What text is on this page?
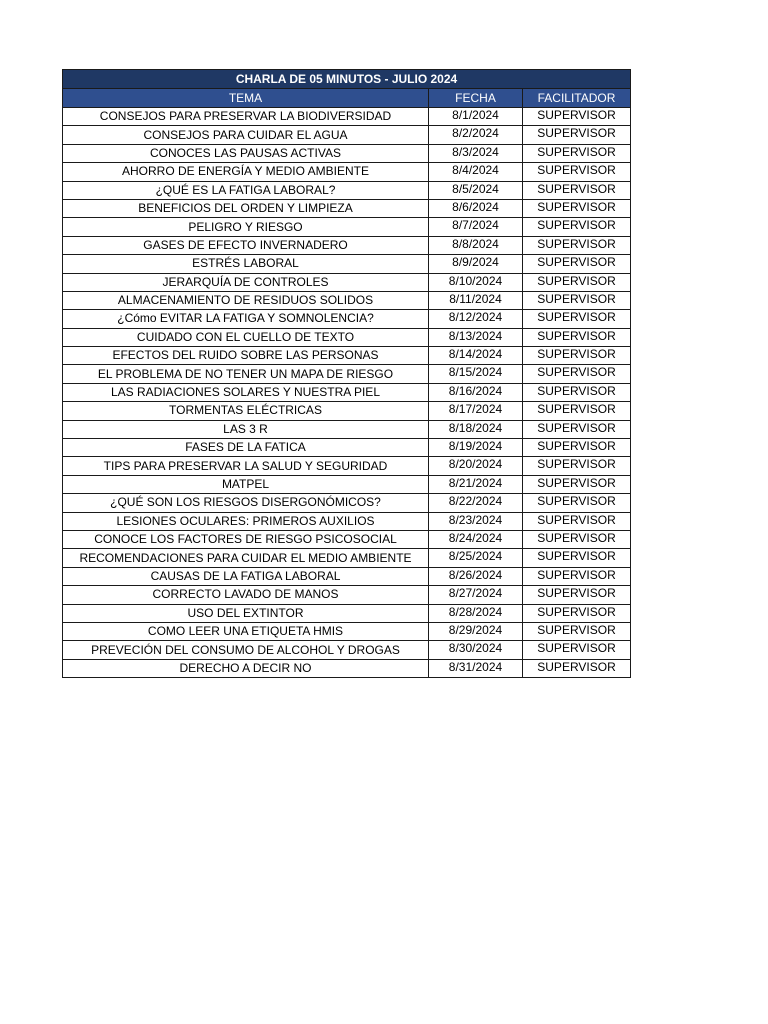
CHARLA DE 05 MINUTOS - JULIO 2024		
TEMA	FECHA	FACILITADOR
CONSEJOS PARA PRESERVAR LA BIODIVERSIDAD	8/1/2024	SUPERVISOR
CONSEJOS PARA CUIDAR EL AGUA	8/2/2024	SUPERVISOR
CONOCES LAS PAUSAS ACTIVAS	8/3/2024	SUPERVISOR
AHORRO DE ENERGÍA Y MEDIO AMBIENTE	8/4/2024	SUPERVISOR
¿QUÉ ES LA FATIGA LABORAL?	8/5/2024	SUPERVISOR
BENEFICIOS DEL ORDEN Y LIMPIEZA	8/6/2024	SUPERVISOR
PELIGRO Y RIESGO	8/7/2024	SUPERVISOR
GASES DE EFECTO INVERNADERO	8/8/2024	SUPERVISOR
ESTRÉS LABORAL	8/9/2024	SUPERVISOR
JERARQUÍA DE CONTROLES	8/10/2024	SUPERVISOR
ALMACENAMIENTO DE RESIDUOS SOLIDOS	8/11/2024	SUPERVISOR
¿Cómo EVITAR LA FATIGA Y SOMNOLENCIA?	8/12/2024	SUPERVISOR
CUIDADO CON EL CUELLO DE TEXTO	8/13/2024	SUPERVISOR
EFECTOS DEL RUIDO SOBRE LAS PERSONAS	8/14/2024	SUPERVISOR
EL PROBLEMA DE NO TENER UN MAPA DE RIESGO	8/15/2024	SUPERVISOR
LAS RADIACIONES SOLARES Y NUESTRA PIEL	8/16/2024	SUPERVISOR
TORMENTAS ELÉCTRICAS	8/17/2024	SUPERVISOR
LAS 3 R	8/18/2024	SUPERVISOR
FASES DE LA FATICA	8/19/2024	SUPERVISOR
TIPS PARA PRESERVAR LA SALUD Y SEGURIDAD	8/20/2024	SUPERVISOR
MATPEL	8/21/2024	SUPERVISOR
¿QUÉ SON LOS RIESGOS DISERGONÓMICOS?	8/22/2024	SUPERVISOR
LESIONES OCULARES: PRIMEROS AUXILIOS	8/23/2024	SUPERVISOR
CONOCE LOS FACTORES DE RIESGO PSICOSOCIAL	8/24/2024	SUPERVISOR
RECOMENDACIONES PARA CUIDAR EL MEDIO AMBIENTE	8/25/2024	SUPERVISOR
CAUSAS DE LA FATIGA LABORAL	8/26/2024	SUPERVISOR
CORRECTO LAVADO DE MANOS	8/27/2024	SUPERVISOR
USO DEL EXTINTOR	8/28/2024	SUPERVISOR
COMO LEER UNA ETIQUETA HMIS	8/29/2024	SUPERVISOR
PREVECIÓN DEL CONSUMO DE ALCOHOL Y DROGAS	8/30/2024	SUPERVISOR
DERECHO A DECIR NO	8/31/2024	SUPERVISOR
